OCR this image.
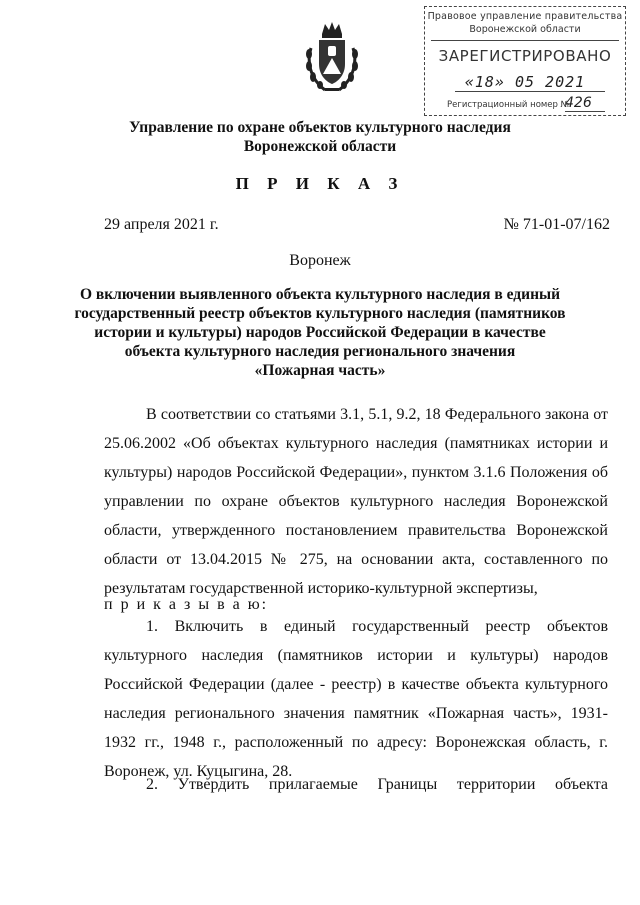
Правовое управление правительства
Воронежской области
ЗАРЕГИСТРИРОВАНО
«18» 05 2021
Регистрационный номер №
426
Управление по охране объектов культурного наследия
Воронежской области
П Р И К А З
29 апреля 2021 г.	№ 71-01-07/162
Воронеж
О включении выявленного объекта культурного наследия в единый
государственный реестр объектов культурного наследия (памятников
истории и культуры) народов Российской Федерации в качестве
объекта культурного наследия регионального значения
«Пожарная часть»

В соответствии со статьями 3.1, 5.1, 9.2, 18 Федерального закона от 25.06.2002 «Об объектах культурного наследия (памятниках истории и культуры) народов Российской Федерации», пунктом 3.1.6 Положения об управлении по охране объектов культурного наследия Воронежской области, утвержденного постановлением правительства Воронежской области от 13.04.2015 № 275, на основании акта, составленного по результатам государственной историко-культурной экспертизы,

п р и к а з ы в а ю:

1. Включить в единый государственный реестр объектов культурного наследия (памятников истории и культуры) народов Российской Федерации (далее - реестр) в качестве объекта культурного наследия регионального значения памятник «Пожарная часть», 1931-1932 гг., 1948 г., расположенный по адресу: Воронежская область, г. Воронеж, ул. Куцыгина, 28.

2. Утвердить прилагаемые Границы территории объекта
